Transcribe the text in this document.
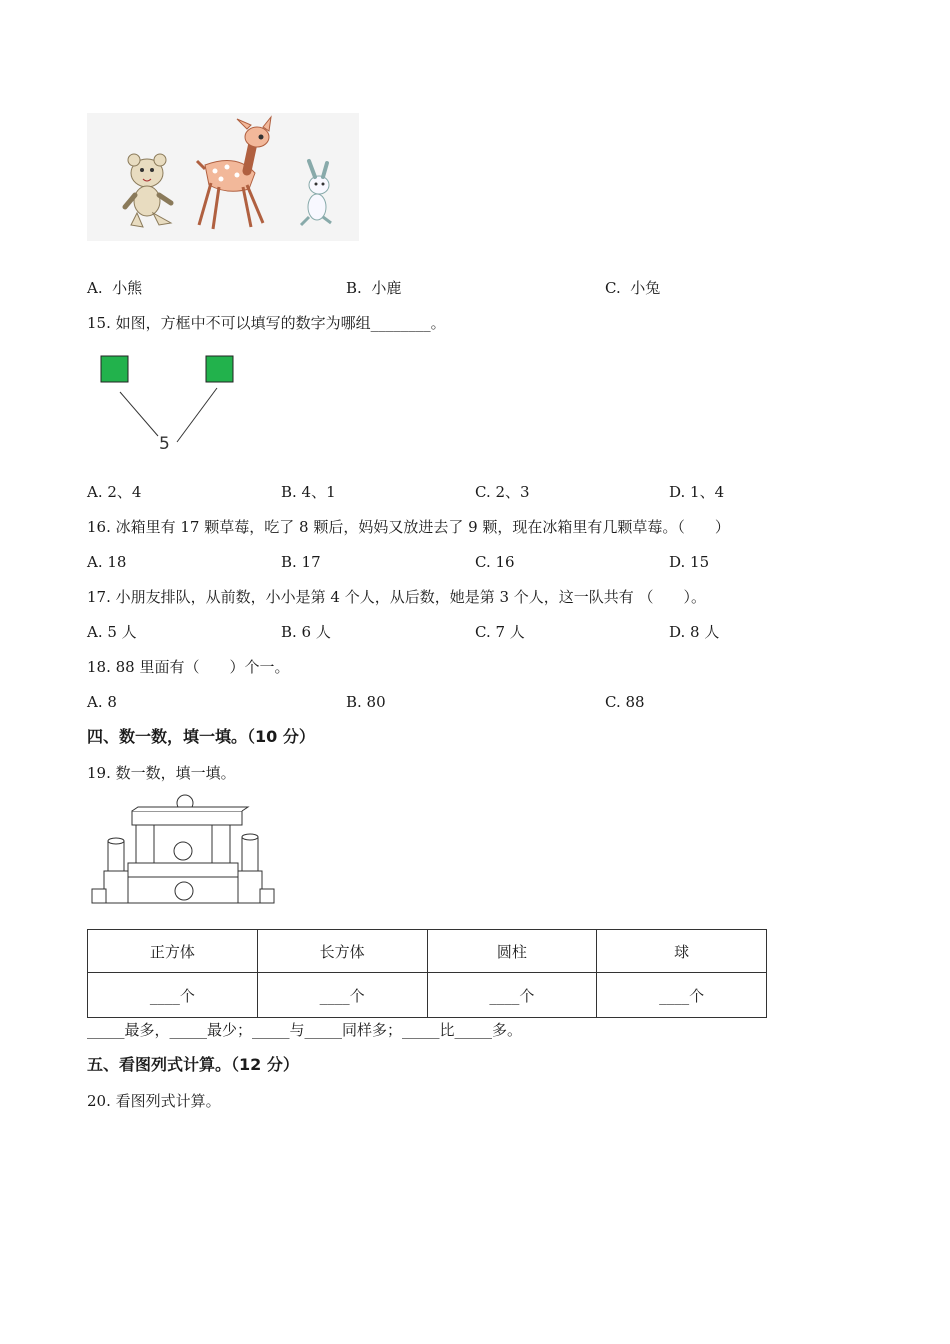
A. 小熊	B. 小鹿	C. 小兔
15. 如图，方框中不可以填写的数字为哪组________。
5
A. 2、4	B. 4、1	C. 2、3	D. 1、4
16. 冰箱里有 17 颗草莓，吃了 8 颗后，妈妈又放进去了 9 颗，现在冰箱里有几颗草莓。（　　）
A. 18	B. 17	C. 16	D. 15
17. 小朋友排队，从前数，小小是第 4 个人，从后数，她是第 3 个人，这一队共有 （　　）。
A. 5 人	B. 6 人	C. 7 人	D. 8 人
18. 88 里面有（　　）个一。
A. 8	B. 80	C. 88
四、数一数，填一填。（10 分）
19. 数一数，填一填。
正方体	长方体	圆柱	球
____个	____个	____个	____个
_____最多，_____最少；_____与_____同样多；_____比_____多。
五、看图列式计算。（12 分）
20. 看图列式计算。
